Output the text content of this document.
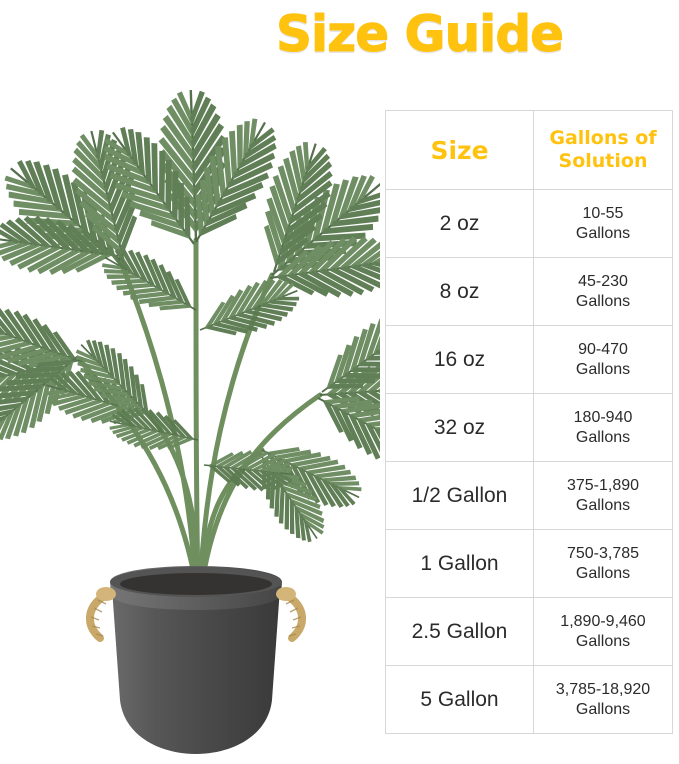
Size Guide
Size	Gallons of Solution
2 oz	10-55
Gallons

8 oz	45-230
Gallons

16 oz	90-470
Gallons

32 oz	180-940
Gallons

1/2 Gallon	375-1,890
Gallons

1 Gallon	750-3,785
Gallons

2.5 Gallon	1,890-9,460
Gallons

5 Gallon	3,785-18,920
Gallons
